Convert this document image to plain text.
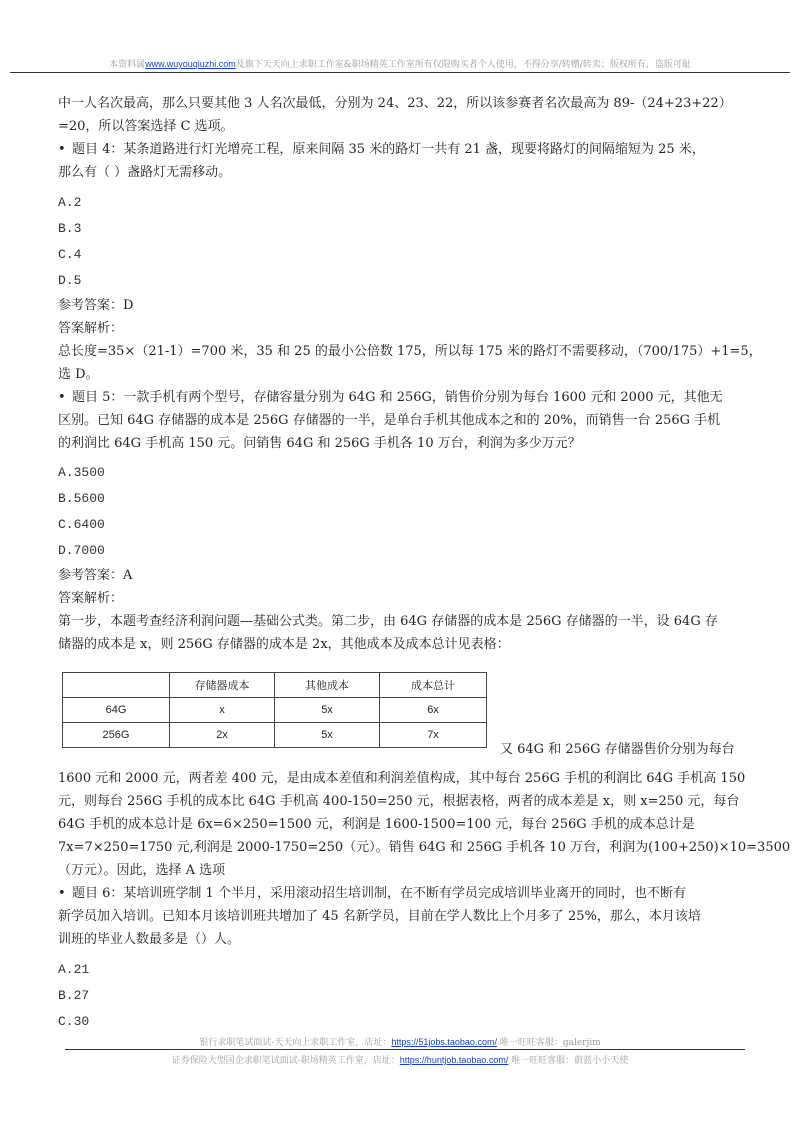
本资料属www.wuyouqiuzhi.com及旗下天天向上求职工作室&职场精英工作室所有仅限购买者个人使用，不得分享/转赠/转卖；版权所有，盗版可耻
中一人名次最高，那么只要其他 3 人名次最低，分别为 24、23、22，所以该参赛者名次最高为 89-（24+23+22）
=20，所以答案选择 C 选项。
• 题目 4：某条道路进行灯光增亮工程，原来间隔 35 米的路灯一共有 21 盏，现要将路灯的间隔缩短为 25 米，
那么有（ ）盏路灯无需移动。
A.2
B.3
C.4
D.5
参考答案：D
答案解析：
总长度=35×（21-1）=700 米，35 和 25 的最小公倍数 175，所以每 175 米的路灯不需要移动，（700/175）+1=5，
选 D。
• 题目 5：一款手机有两个型号，存储容量分别为 64G 和 256G，销售价分别为每台 1600 元和 2000 元，其他无
区别。已知 64G 存储器的成本是 256G 存储器的一半，是单台手机其他成本之和的 20%，而销售一台 256G 手机
的利润比 64G 手机高 150 元。问销售 64G 和 256G 手机各 10 万台，利润为多少万元？
A.3500
B.5600
C.6400
D.7000
参考答案：A
答案解析：
第一步，本题考查经济利润问题—基础公式类。第二步，由 64G 存储器的成本是 256G 存储器的一半，设 64G 存
储器的成本是 x，则 256G 存储器的成本是 2x，其他成本及成本总计见表格：
	存储器成本	其他成本	成本总计
64G	x	5x	6x
256G	2x	5x	7x
又 64G 和 256G 存储器售价分别为每台
1600 元和 2000 元，两者差 400 元，是由成本差值和利润差值构成，其中每台 256G 手机的利润比 64G 手机高 150
元，则每台 256G 手机的成本比 64G 手机高 400-150=250 元，根据表格，两者的成本差是 x，则 x=250 元，每台
64G 手机的成本总计是 6x=6×250=1500 元，利润是 1600-1500=100 元，每台 256G 手机的成本总计是
7x=7×250=1750 元,利润是 2000-1750=250（元）。销售 64G 和 256G 手机各 10 万台，利润为(100+250)×10=3500
（万元）。因此，选择 A 选项
• 题目 6：某培训班学制 1 个半月，采用滚动招生培训制，在不断有学员完成培训毕业离开的同时，也不断有
新学员加入培训。已知本月该培训班共增加了 45 名新学员，目前在学人数比上个月多了 25%，那么，本月该培
训班的毕业人数最多是（）人。
A.21
B.27
C.30
银行求职笔试面试-天天向上求职工作室，店址：https://51jobs.taobao.com/ 唯一旺旺客服：galerjim
证券保险大型国企求职笔试面试-职场精英工作室，店址：https://huntjob.taobao.com/ 唯一旺旺客服：蔚蓝小小天使
